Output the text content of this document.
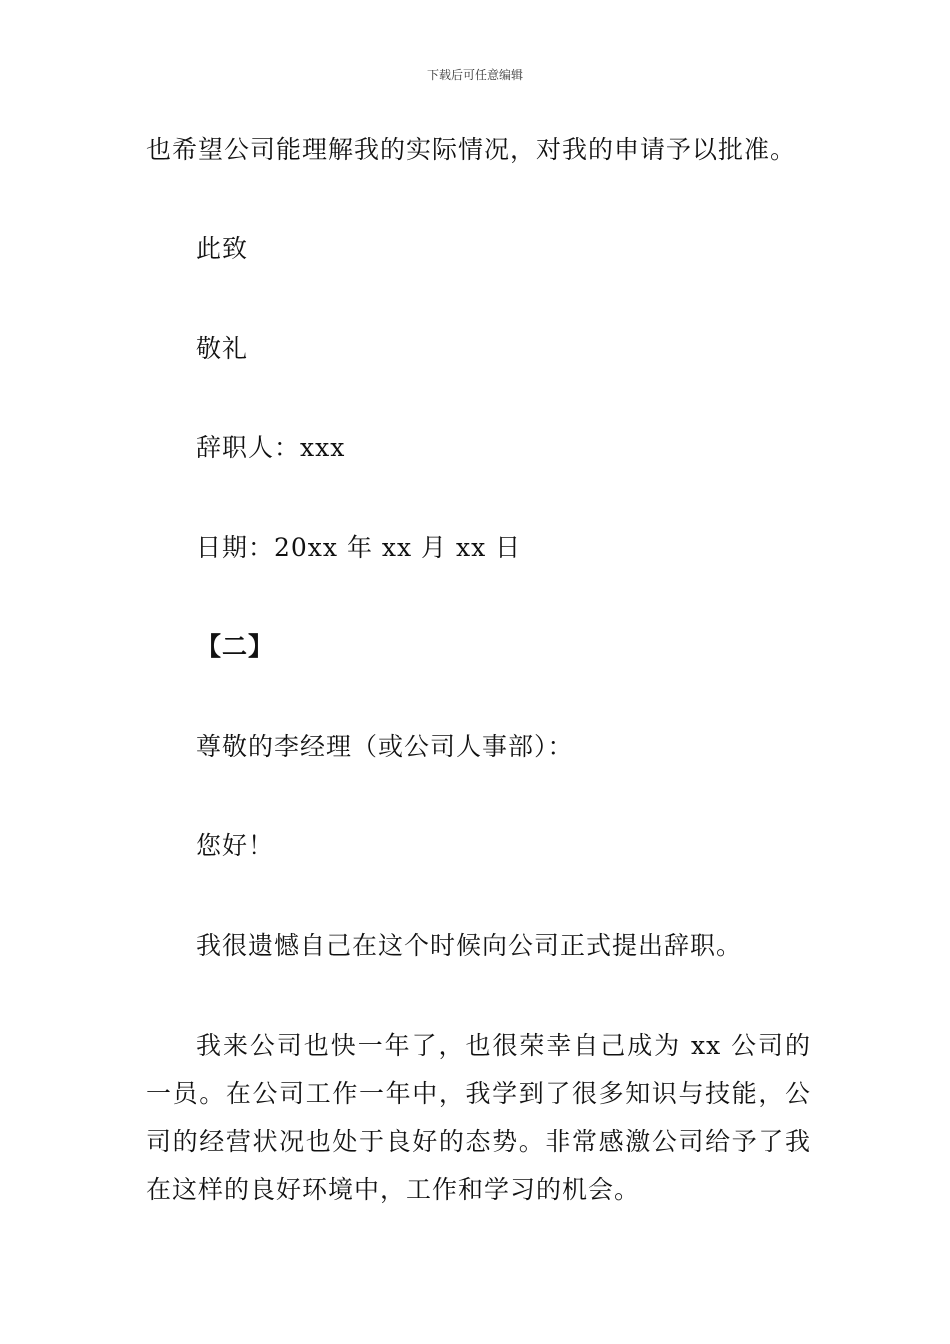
下载后可任意编辑
也希望公司能理解我的实际情况，对我的申请予以批准。
此致
敬礼
辞职人：xxx
日期：20xx 年 xx 月 xx 日
【二】
尊敬的李经理（或公司人事部）：
您好！
我很遗憾自己在这个时候向公司正式提出辞职。
我来公司也快一年了，也很荣幸自己成为 xx 公司的一员。在公司工作一年中，我学到了很多知识与技能，公司的经营状况也处于良好的态势。非常感激公司给予了我在这样的良好环境中，工作和学习的机会。
